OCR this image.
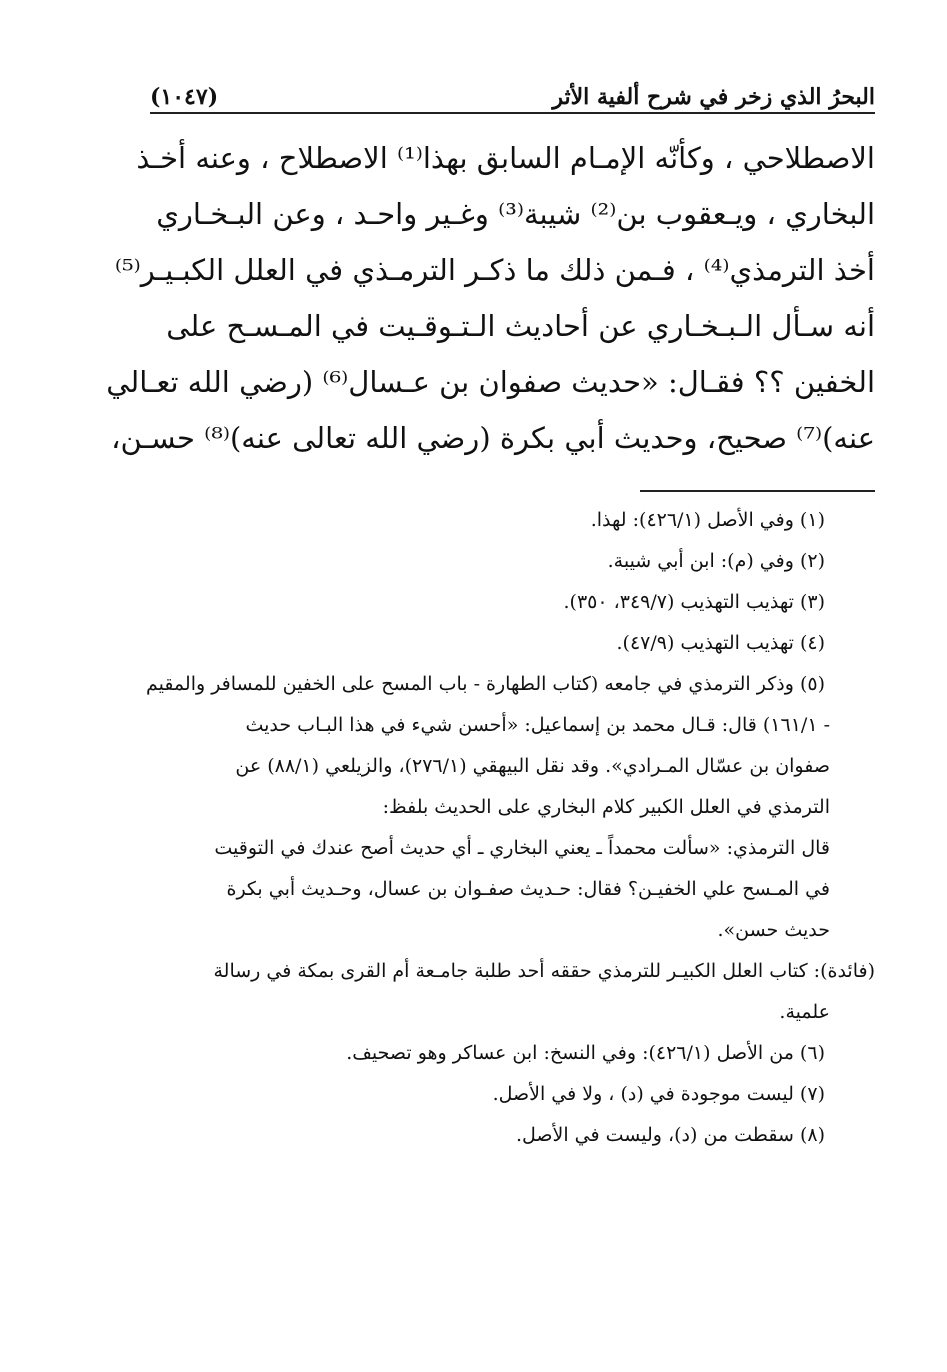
البحرُ الذي زخر في شرح ألفية الأثر
(١٠٤٧)
الاصطلاحي ، وكأنّه الإمـام السابق بهذا⁽¹⁾ الاصطلاح ، وعنه أخـذ
البخاري ، ويـعقوب بن⁽²⁾ شيبة⁽³⁾ وغـير واحـد ، وعن البـخـاري
أخذ الترمذي⁽⁴⁾ ، فـمن ذلك ما ذكـر الترمـذي في العلل الكبـيـر⁽⁵⁾
أنه سـأل الـبـخـاري عن أحاديث الـتـوقـيت في المـسـح على
الخفين ؟؟ فقـال: «حديث صفوان بن عـسال⁽⁶⁾ (رضي الله تعـالي
عنه)⁽⁷⁾ صحيح، وحديث أبي بكرة (رضي الله تعالى عنه)⁽⁸⁾ حسـن،
(١) وفي الأصل (٤٢٦/١): لهذا.
(٢) وفي (م): ابن أبي شيبة.
(٣) تهذيب التهذيب (٣٤٩/٧، ٣٥٠).
(٤) تهذيب التهذيب (٤٧/٩).
(٥) وذكر الترمذي في جامعه (كتاب الطهارة - باب المسح على الخفين للمسافر والمقيم
- ١٦١/١) قال: قـال محمد بن إسماعيل: «أحسن شيء في هذا البـاب حديث
صفوان بن عسّال المـرادي». وقد نقل البيهقي (٢٧٦/١)، والزيلعي (٨٨/١) عن
الترمذي في العلل الكبير كلام البخاري على الحديث بلفظ:
قال الترمذي: «سألت محمداً ـ يعني البخاري ـ أي حديث أصح عندك في التوقيت
في المـسح علي الخفيـن؟ فقال: حـديث صفـوان بن عسال، وحـديث أبي بكرة
حديث حسن».
(فائدة): كتاب العلل الكبيـر للترمذي حققه أحد طلبة جامـعة أم القرى بمكة في رسالة
علمية.
(٦) من الأصل (٤٢٦/١): وفي النسخ: ابن عساكر وهو تصحيف.
(٧) ليست موجودة في (د) ، ولا في الأصل.
(٨) سقطت من (د)، وليست في الأصل.
